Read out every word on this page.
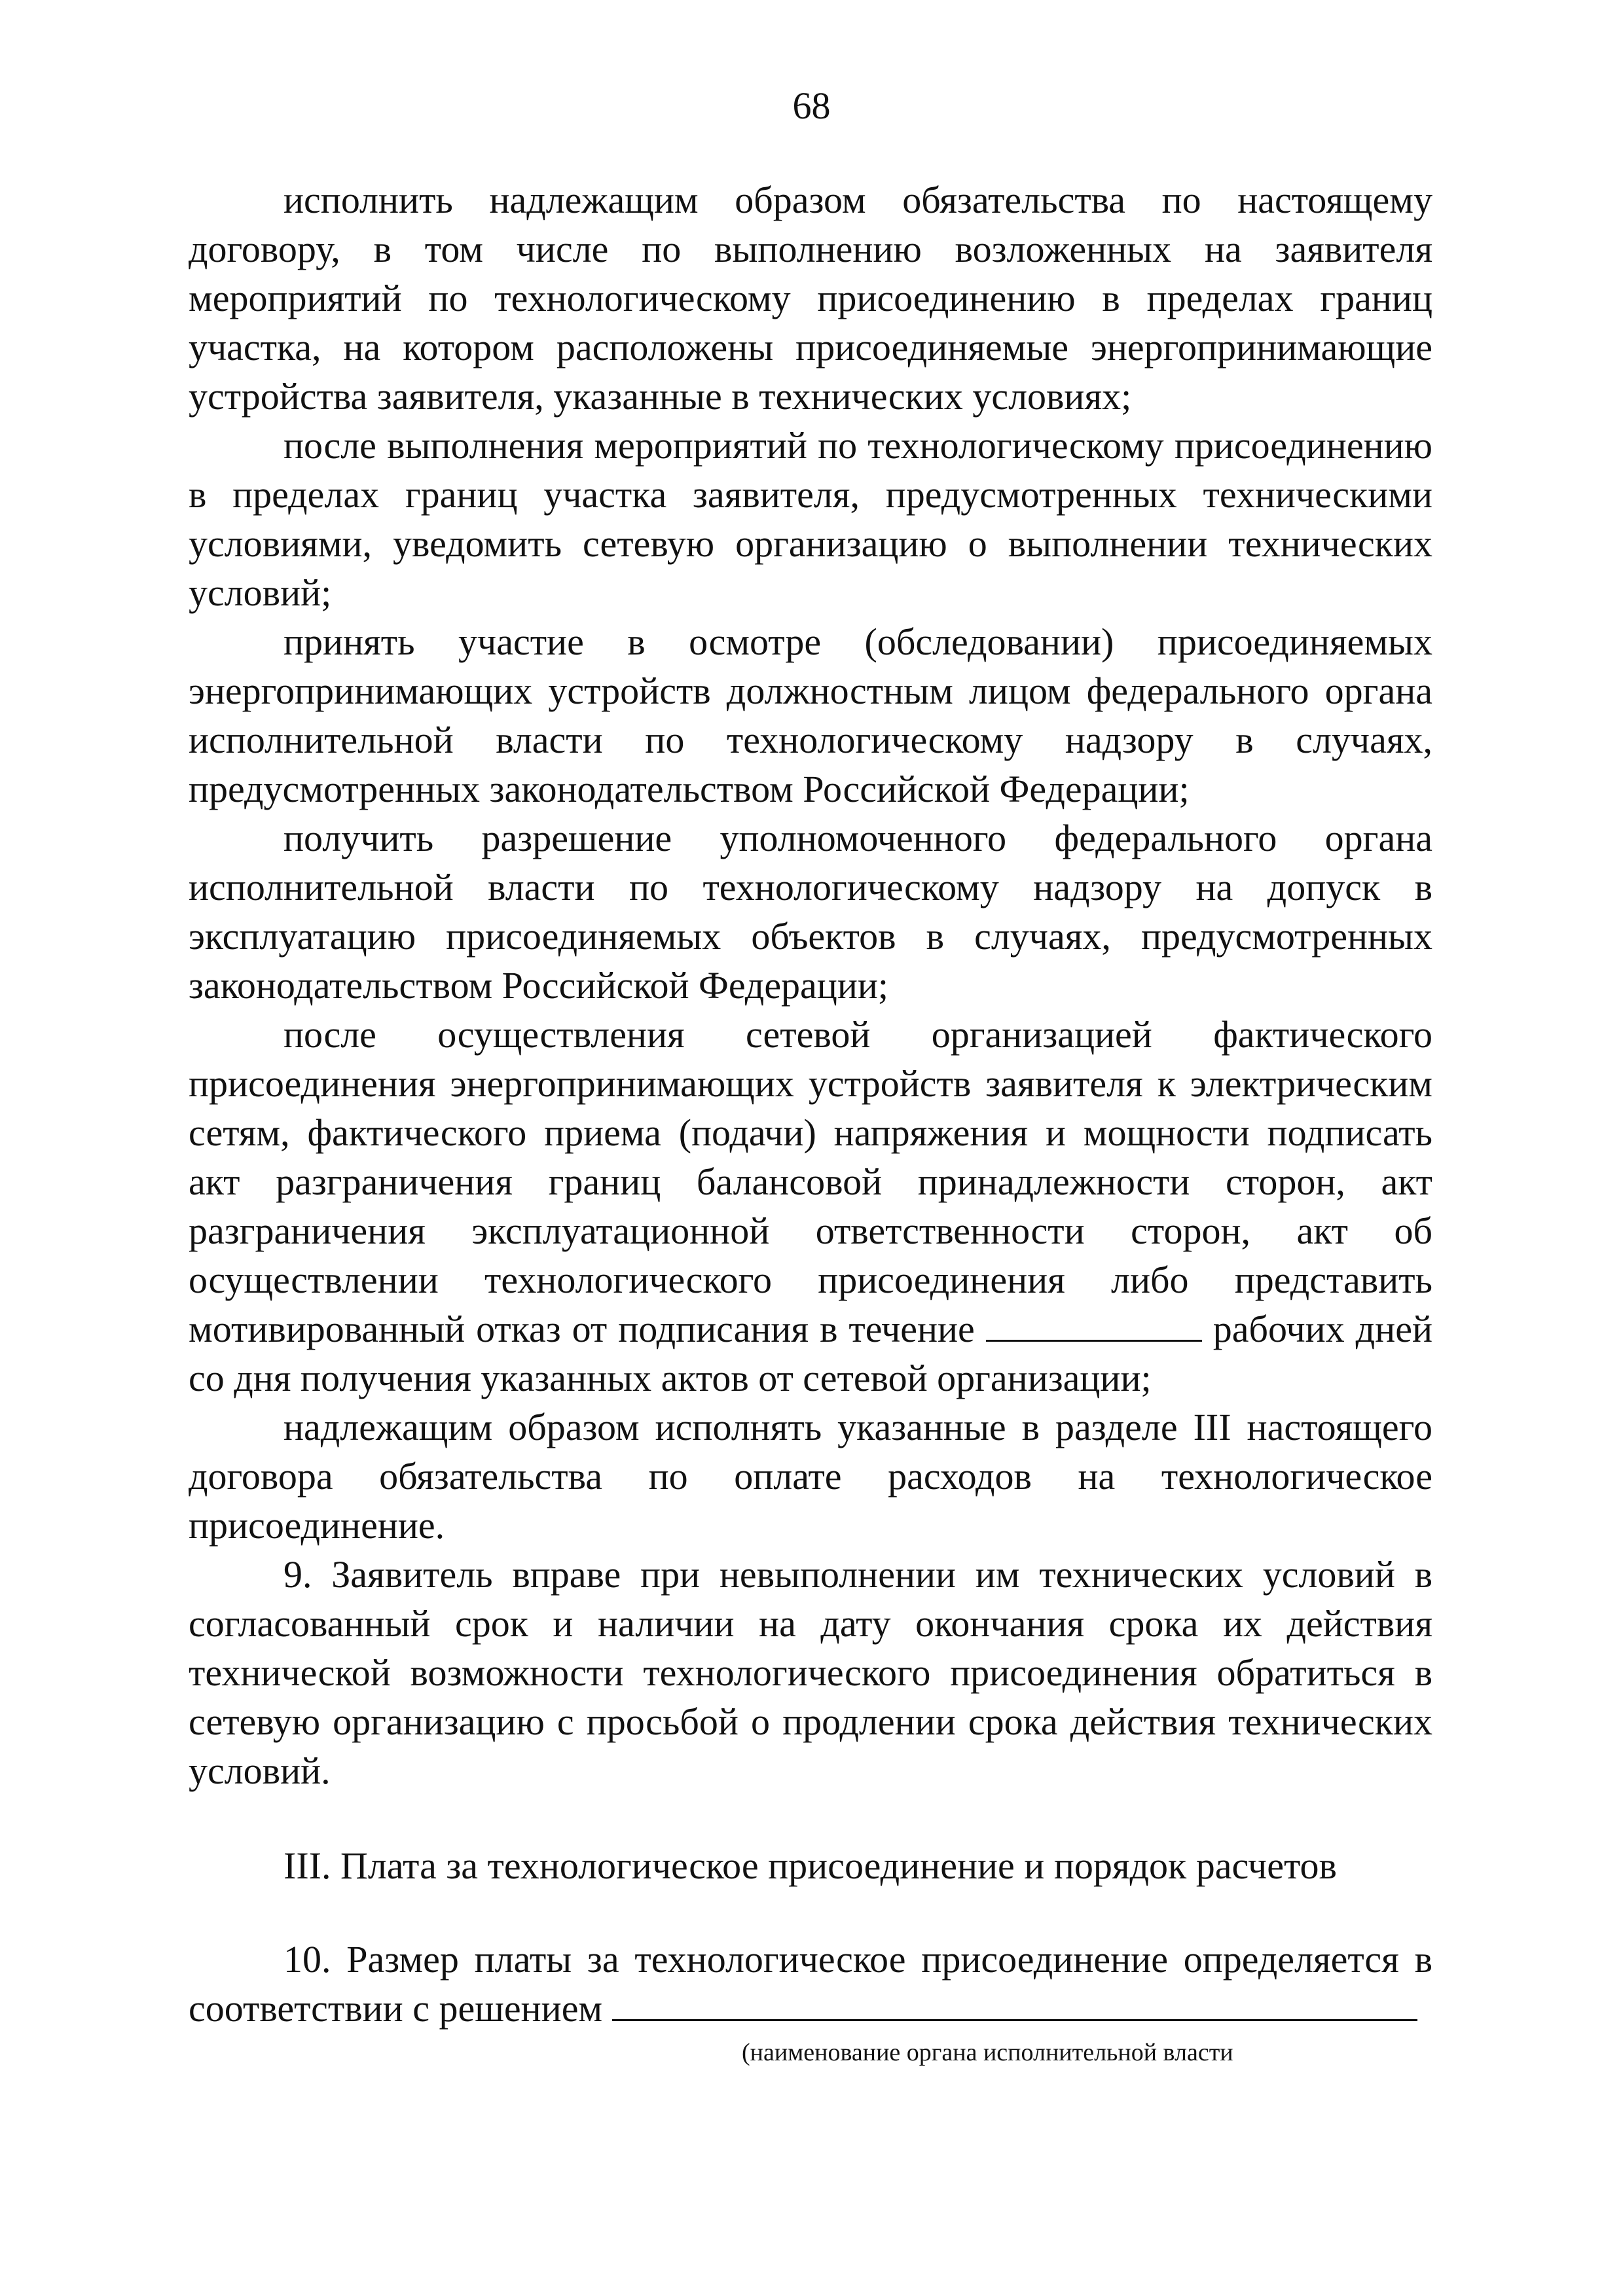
68

исполнить надлежащим образом обязательства по настоящему договору, в том числе по выполнению возложенных на заявителя мероприятий по технологическому присоединению в пределах границ участка, на котором расположены присоединяемые энергопринимающие устройства заявителя, указанные в технических условиях;

после выполнения мероприятий по технологическому присоединению в пределах границ участка заявителя, предусмотренных техническими условиями, уведомить сетевую организацию о выполнении технических условий;

принять участие в осмотре (обследовании) присоединяемых энергопринимающих устройств должностным лицом федерального органа исполнительной власти по технологическому надзору в случаях, предусмотренных законодательством Российской Федерации;

получить разрешение уполномоченного федерального органа исполнительной власти по технологическому надзору на допуск в эксплуатацию присоединяемых объектов в случаях, предусмотренных законодательством Российской Федерации;

после осуществления сетевой организацией фактического присоединения энергопринимающих устройств заявителя к электрическим сетям, фактического приема (подачи) напряжения и мощности подписать акт разграничения границ балансовой принадлежности сторон, акт разграничения эксплуатационной ответственности сторон, акт об осуществлении технологического присоединения либо представить мотивированный отказ от подписания в течение	рабочих дней со дня получения указанных актов от сетевой организации;

надлежащим образом исполнять указанные в разделе III настоящего договора обязательства по оплате расходов на технологическое присоединение.

9. Заявитель вправе при невыполнении им технических условий в согласованный срок и наличии на дату окончания срока их действия технической возможности технологического присоединения обратиться в сетевую организацию с просьбой о продлении срока действия технических условий.

III. Плата за технологическое присоединение и порядок расчетов

10. Размер платы за технологическое присоединение определяется в соответствии с решением

(наименование органа исполнительной власти
